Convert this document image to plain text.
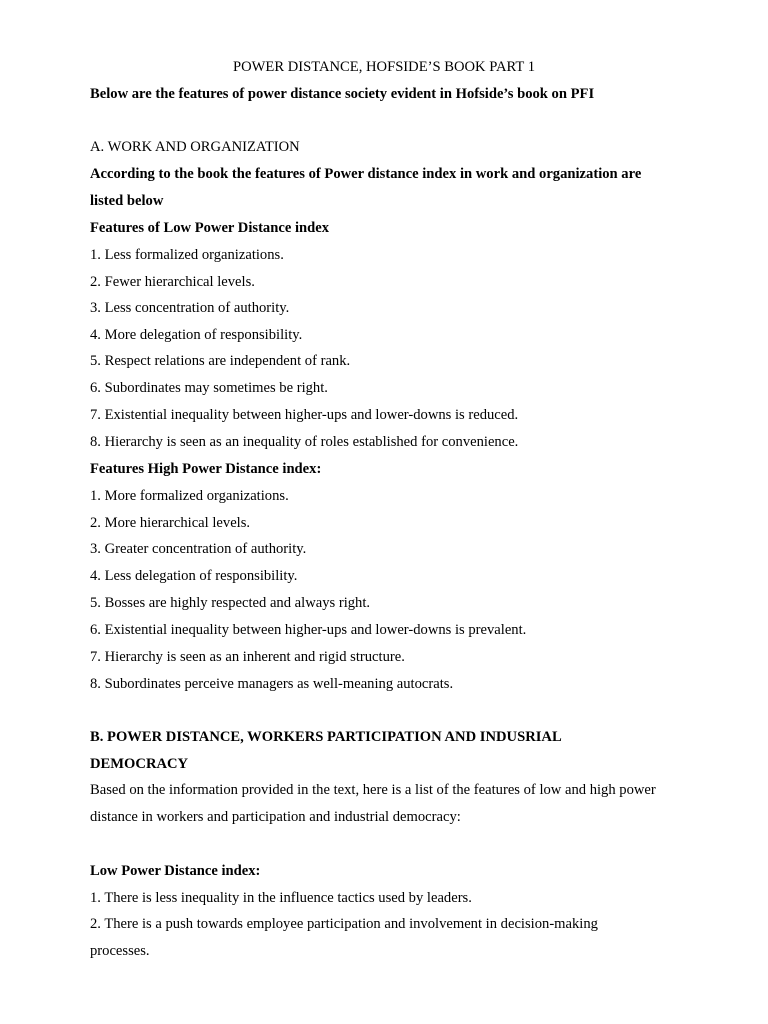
POWER DISTANCE, HOFSIDE’S BOOK PART 1
Below are the features of power distance society evident in Hofside’s book on PFI
A. WORK AND ORGANIZATION
According to the book the features of Power distance index in work and organization are
listed below
Features of Low Power Distance index
1. Less formalized organizations.
2. Fewer hierarchical levels.
3. Less concentration of authority.
4. More delegation of responsibility.
5. Respect relations are independent of rank.
6. Subordinates may sometimes be right.
7. Existential inequality between higher-ups and lower-downs is reduced.
8. Hierarchy is seen as an inequality of roles established for convenience.
Features High Power Distance index:
1. More formalized organizations.
2. More hierarchical levels.
3. Greater concentration of authority.
4. Less delegation of responsibility.
5. Bosses are highly respected and always right.
6. Existential inequality between higher-ups and lower-downs is prevalent.
7. Hierarchy is seen as an inherent and rigid structure.
8. Subordinates perceive managers as well-meaning autocrats.
B. POWER DISTANCE, WORKERS PARTICIPATION AND INDUSRIAL
DEMOCRACY
Based on the information provided in the text, here is a list of the features of low and high power
distance in workers and participation and industrial democracy:
Low Power Distance index:
1. There is less inequality in the influence tactics used by leaders.
2. There is a push towards employee participation and involvement in decision-making
processes.
